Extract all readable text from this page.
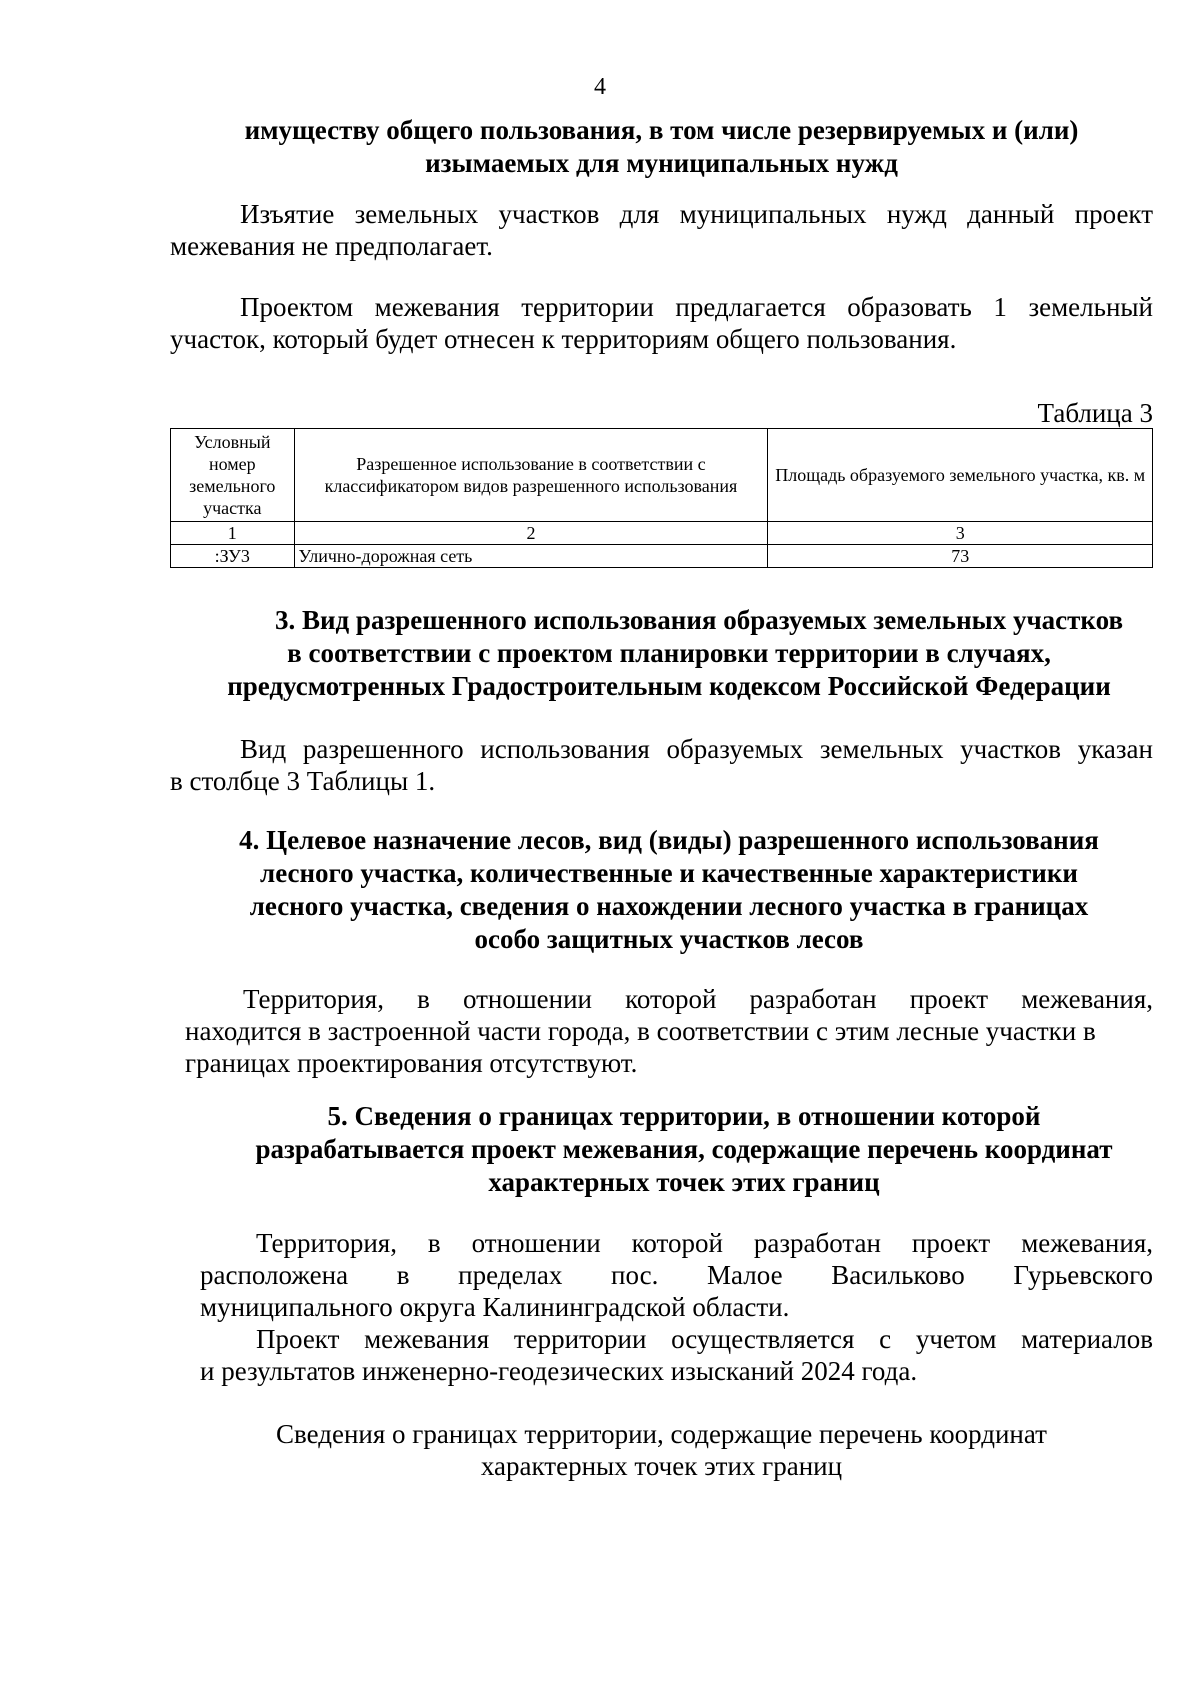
4
имуществу общего пользования, в том числе резервируемых и (или)
изымаемых для муниципальных нужд
Изъятие земельных участков для муниципальных нужд данный проект
межевания не предполагает.
Проектом межевания территории предлагается образовать 1 земельный
участок, который будет отнесен к территориям общего пользования.
Таблица 3
Условный номер земельного участка	Разрешенное использование в соответствии с классификатором видов разрешенного использования	Площадь образуемого земельного участка, кв. м
1	2	3
:ЗУ3	Улично-дорожная сеть	73
3. Вид разрешенного использования образуемых земельных участков
в соответствии с проектом планировки территории в случаях,
предусмотренных Градостроительным кодексом Российской Федерации
Вид разрешенного использования образуемых земельных участков указан
в столбце 3 Таблицы 1.
4. Целевое назначение лесов, вид (виды) разрешенного использования
лесного участка, количественные и качественные характеристики
лесного участка, сведения о нахождении лесного участка в границах
особо защитных участков лесов
Территория, в отношении которой разработан проект межевания,
находится в застроенной части города, в соответствии с этим лесные участки в
границах проектирования отсутствуют.
5. Сведения о границах территории, в отношении которой
разрабатывается проект межевания, содержащие перечень координат
характерных точек этих границ
Территория, в отношении которой разработан проект межевания,
расположена в пределах пос. Малое Васильково Гурьевского
муниципального округа Калининградской области.
Проект межевания территории осуществляется с учетом материалов
и результатов инженерно-геодезических изысканий 2024 года.
Сведения о границах территории, содержащие перечень координат
характерных точек этих границ
